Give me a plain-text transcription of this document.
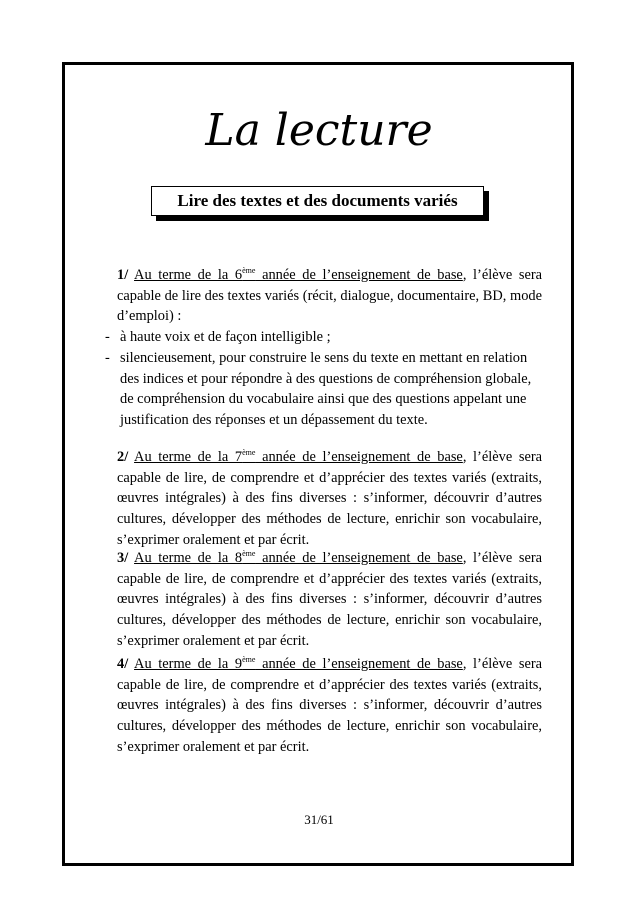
La lecture
Lire des textes et des documents variés
1/ Au terme de la 6ème année de l’enseignement de base, l’élève sera capable de lire des textes variés (récit, dialogue, documentaire, BD, mode d’emploi) :
- à haute voix et de façon intelligible ;
- silencieusement, pour construire le sens du texte en mettant en relation des indices et pour répondre à des questions de compréhension globale, de compréhension du vocabulaire ainsi que des questions appelant une justification des réponses et un dépassement du texte.
2/ Au terme de la 7ème année de l’enseignement de base, l’élève sera capable de lire, de comprendre et d’apprécier des textes variés (extraits, œuvres intégrales) à des fins diverses : s’informer, découvrir d’autres cultures, développer des méthodes de lecture, enrichir son vocabulaire, s’exprimer oralement et par écrit.
3/ Au terme de la 8ème année de l’enseignement de base, l’élève sera capable de lire, de comprendre et d’apprécier des textes variés (extraits, œuvres intégrales) à des fins diverses : s’informer, découvrir d’autres cultures, développer des méthodes de lecture, enrichir son vocabulaire, s’exprimer oralement et par écrit.
4/ Au terme de la 9ème année de l’enseignement de base, l’élève sera capable de lire, de comprendre et d’apprécier des textes variés (extraits, œuvres intégrales) à des fins diverses : s’informer, découvrir d’autres cultures, développer des méthodes de lecture, enrichir son vocabulaire, s’exprimer oralement et par écrit.
31/61
